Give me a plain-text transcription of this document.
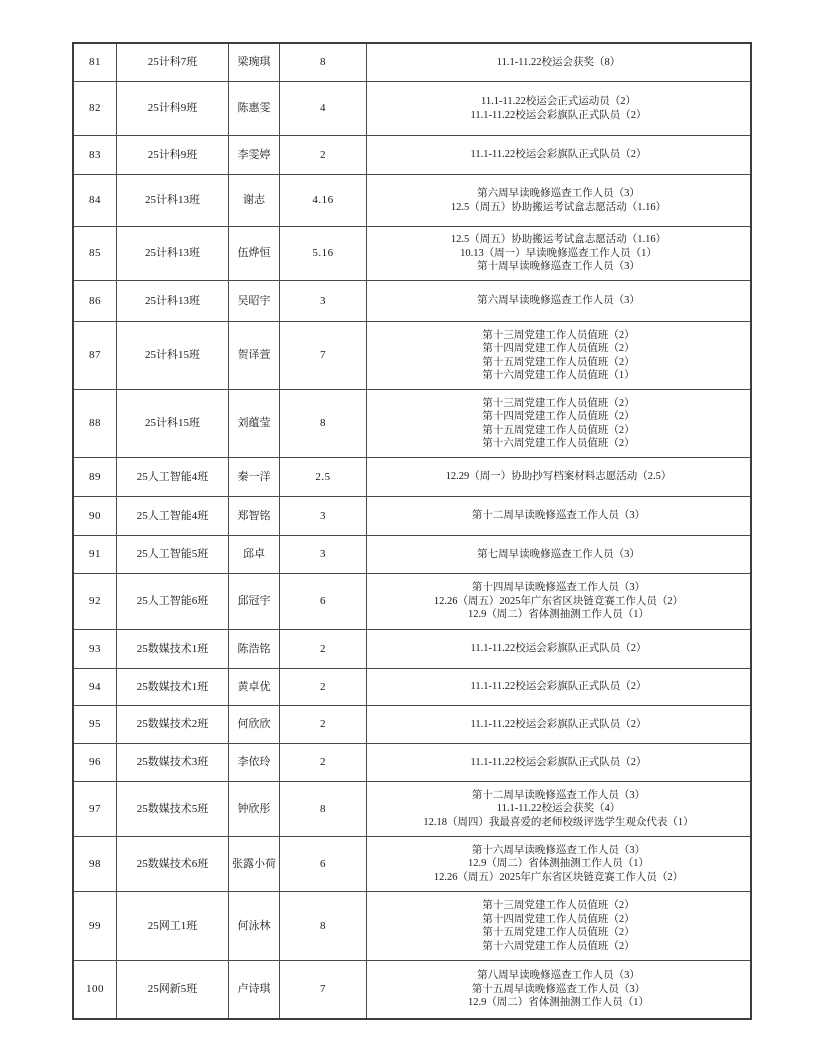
81	25计科7班	梁琬琪	8	11.1-11.22校运会获奖（8）
82	25计科9班	陈惠雯	4
11.1-11.22校运会正式运动员（2）
11.1-11.22校运会彩旗队正式队员（2）
83	25计科9班	李雯婷	2	11.1-11.22校运会彩旗队正式队员（2）
84	25计科13班	谢志	4.16
第六周早读晚修巡查工作人员（3）
12.5（周五）协助搬运考试盒志愿活动（1.16）
85	25计科13班	伍烨恒	5.16
12.5（周五）协助搬运考试盒志愿活动（1.16）
10.13（周一）早读晚修巡查工作人员（1）
第十周早读晚修巡查工作人员（3）
86	25计科13班	吴昭宇	3	第六周早读晚修巡查工作人员（3）
87	25计科15班	贺译萱	7
第十三周党建工作人员值班（2）
第十四周党建工作人员值班（2）
第十五周党建工作人员值班（2）
第十六周党建工作人员值班（1）
88	25计科15班	刘蕴莹	8
第十三周党建工作人员值班（2）
第十四周党建工作人员值班（2）
第十五周党建工作人员值班（2）
第十六周党建工作人员值班（2）
89	25人工智能4班	秦一洋	2.5	12.29（周一）协助抄写档案材料志愿活动（2.5）
90	25人工智能4班	郑智铭	3	第十二周早读晚修巡查工作人员（3）
91	25人工智能5班	邱卓	3	第七周早读晚修巡查工作人员（3）
92	25人工智能6班	邱冠宇	6
第十四周早读晚修巡查工作人员（3）
12.26（周五）2025年广东省区块链竞赛工作人员（2）
12.9（周二）省体测抽测工作人员（1）
93	25数媒技术1班	陈浩铭	2	11.1-11.22校运会彩旗队正式队员（2）
94	25数媒技术1班	黄卓优	2	11.1-11.22校运会彩旗队正式队员（2）
95	25数媒技术2班	何欣欣	2	11.1-11.22校运会彩旗队正式队员（2）
96	25数媒技术3班	李依玲	2	11.1-11.22校运会彩旗队正式队员（2）
97	25数媒技术5班	钟欣彤	8
第十二周早读晚修巡查工作人员（3）
11.1-11.22校运会获奖（4）
12.18（周四）我最喜爱的老师校级评选学生观众代表（1）
98	25数媒技术6班	张露小荷	6
第十六周早读晚修巡查工作人员（3）
12.9（周二）省体测抽测工作人员（1）
12.26（周五）2025年广东省区块链竞赛工作人员（2）
99	25网工1班	何泳林	8
第十三周党建工作人员值班（2）
第十四周党建工作人员值班（2）
第十五周党建工作人员值班（2）
第十六周党建工作人员值班（2）
100	25网新5班	卢诗琪	7
第八周早读晚修巡查工作人员（3）
第十五周早读晚修巡查工作人员（3）
12.9（周二）省体测抽测工作人员（1）
